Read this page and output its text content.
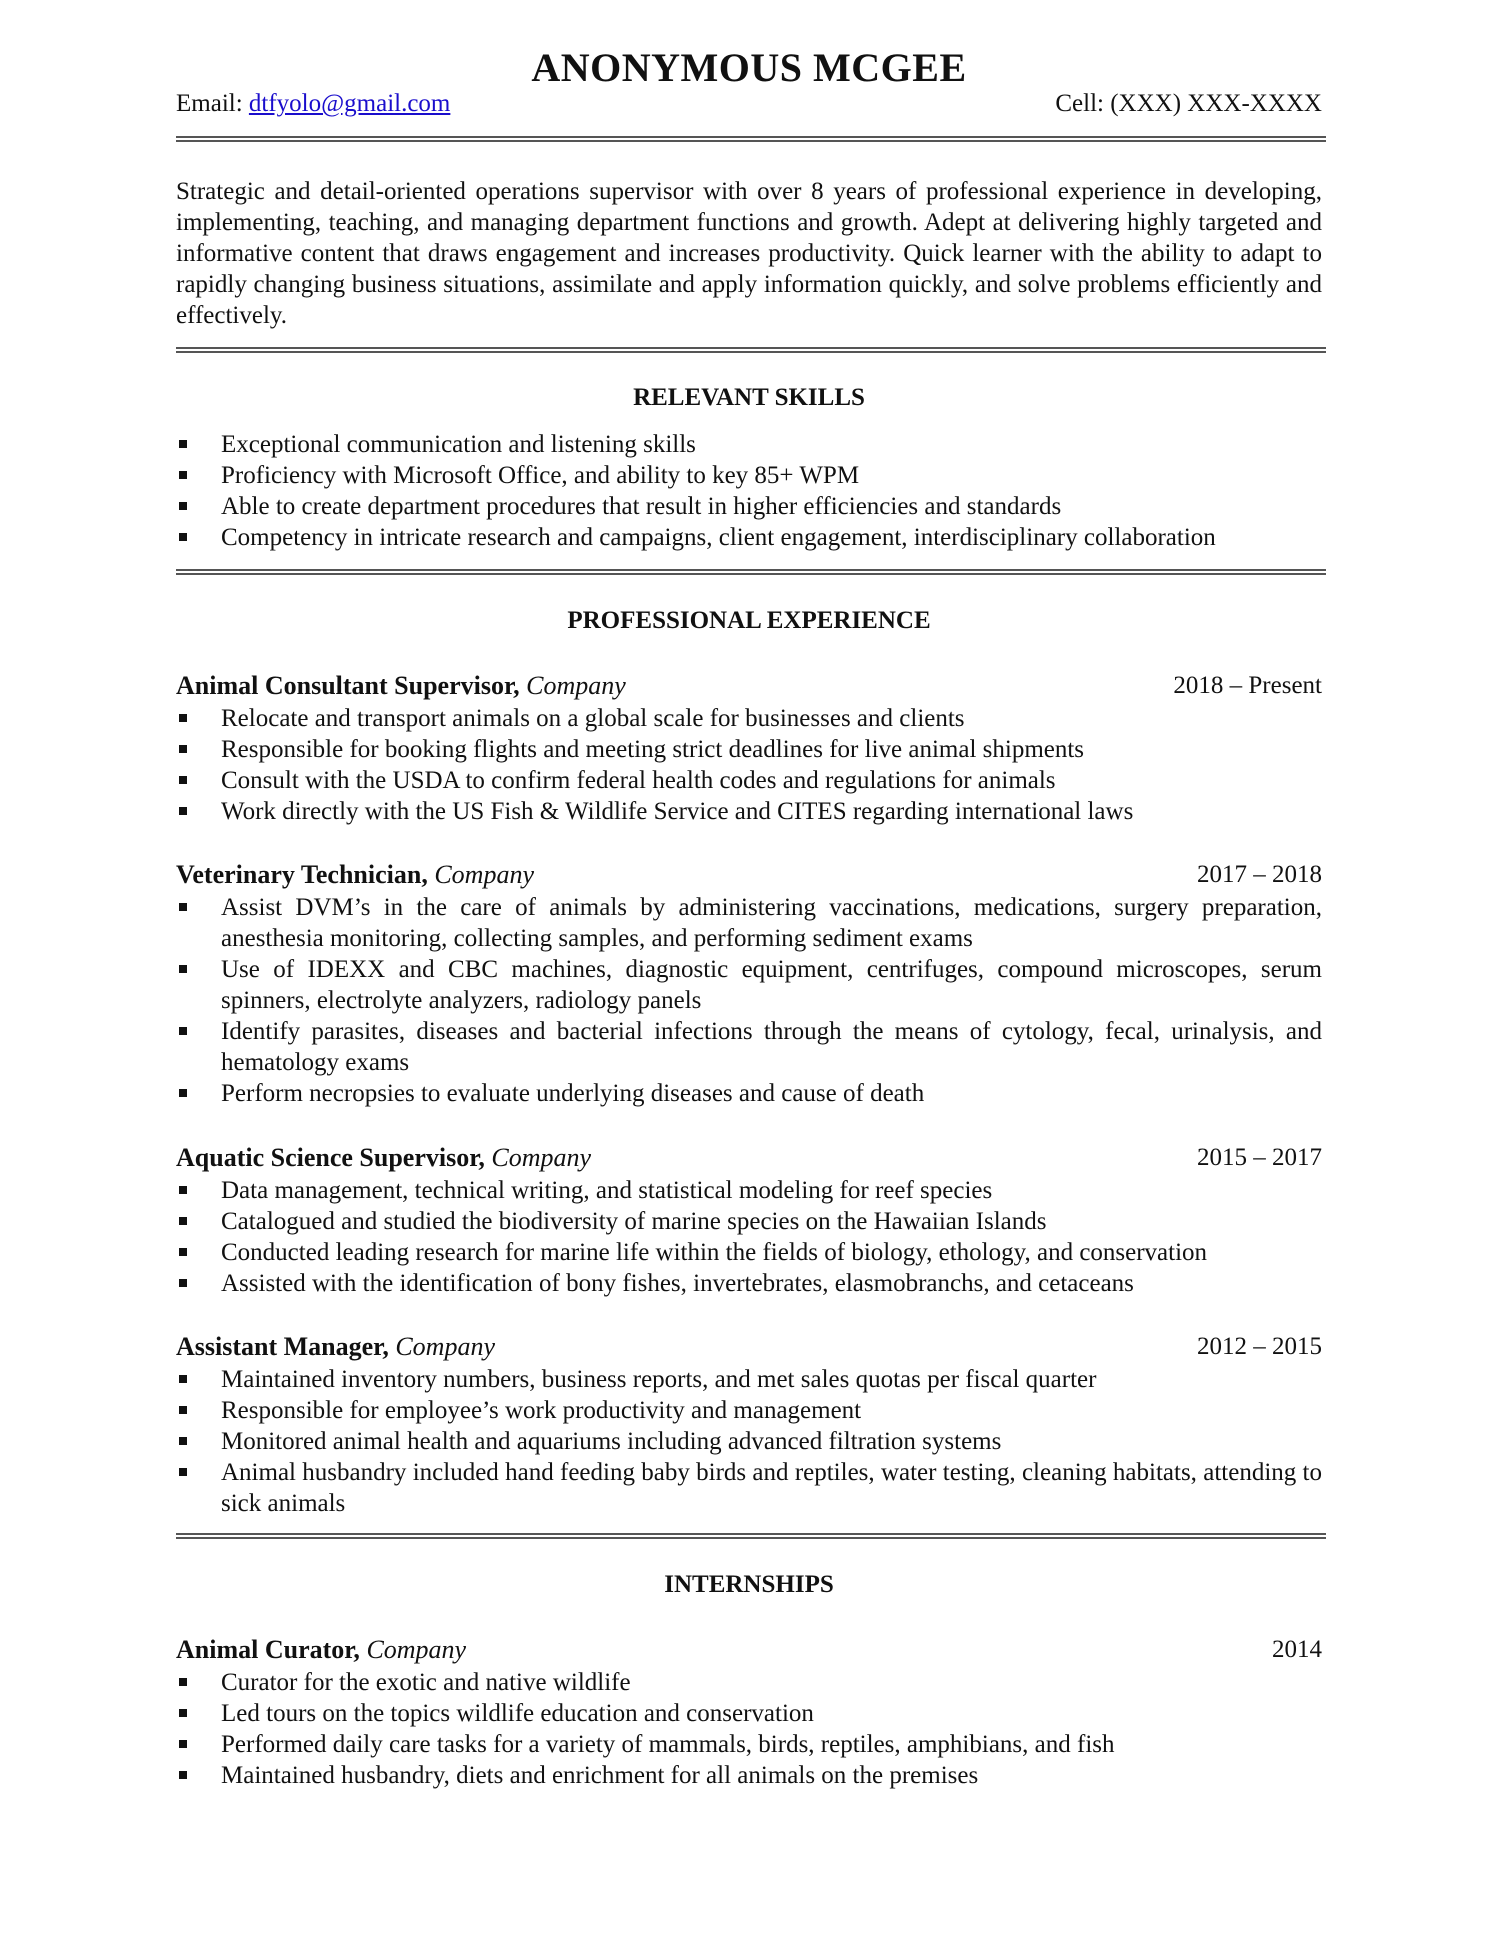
ANONYMOUS MCGEE
Email: dtfyolo@gmail.com	Cell: (XXX) XXX-XXXX
Strategic and detail-oriented operations supervisor with over 8 years of professional experience in developing, implementing, teaching, and managing department functions and growth. Adept at delivering highly targeted and informative content that draws engagement and increases productivity. Quick learner with the ability to adapt to rapidly changing business situations, assimilate and apply information quickly, and solve problems efficiently and effectively.
RELEVANT SKILLS
Exceptional communication and listening skills
Proficiency with Microsoft Office, and ability to key 85+ WPM
Able to create department procedures that result in higher efficiencies and standards
Competency in intricate research and campaigns, client engagement, interdisciplinary collaboration
PROFESSIONAL EXPERIENCE
Animal Consultant Supervisor, Company	2018 – Present
Relocate and transport animals on a global scale for businesses and clients
Responsible for booking flights and meeting strict deadlines for live animal shipments
Consult with the USDA to confirm federal health codes and regulations for animals
Work directly with the US Fish & Wildlife Service and CITES regarding international laws
Veterinary Technician, Company	2017 – 2018
Assist DVM’s in the care of animals by administering vaccinations, medications, surgery preparation, anesthesia monitoring, collecting samples, and performing sediment exams
Use of IDEXX and CBC machines, diagnostic equipment, centrifuges, compound microscopes, serum spinners, electrolyte analyzers, radiology panels
Identify parasites, diseases and bacterial infections through the means of cytology, fecal, urinalysis, and hematology exams
Perform necropsies to evaluate underlying diseases and cause of death
Aquatic Science Supervisor, Company	2015 – 2017
Data management, technical writing, and statistical modeling for reef species
Catalogued and studied the biodiversity of marine species on the Hawaiian Islands
Conducted leading research for marine life within the fields of biology, ethology, and conservation
Assisted with the identification of bony fishes, invertebrates, elasmobranchs, and cetaceans
Assistant Manager, Company	2012 – 2015
Maintained inventory numbers, business reports, and met sales quotas per fiscal quarter
Responsible for employee’s work productivity and management
Monitored animal health and aquariums including advanced filtration systems
Animal husbandry included hand feeding baby birds and reptiles, water testing, cleaning habitats, attending to sick animals
INTERNSHIPS
Animal Curator, Company	2014
Curator for the exotic and native wildlife
Led tours on the topics wildlife education and conservation
Performed daily care tasks for a variety of mammals, birds, reptiles, amphibians, and fish
Maintained husbandry, diets and enrichment for all animals on the premises
